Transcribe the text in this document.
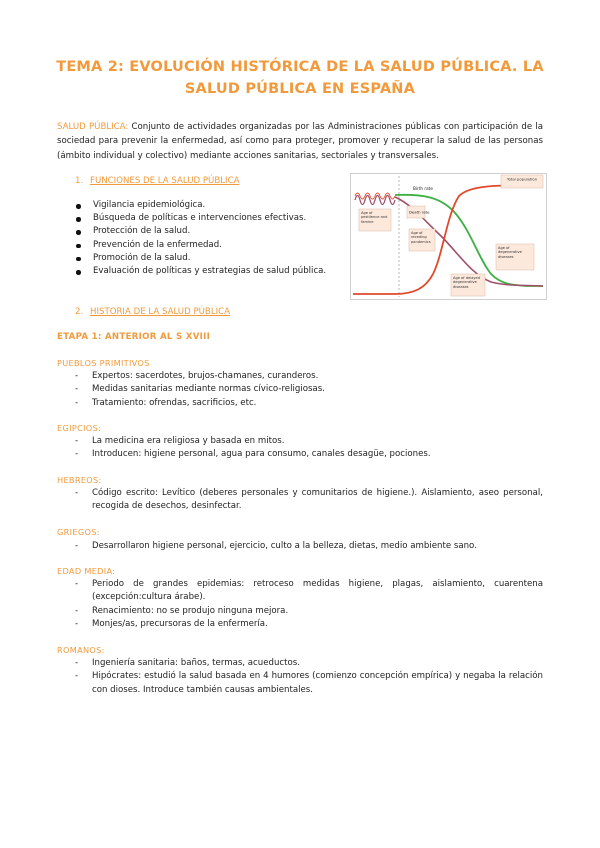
TEMA 2: EVOLUCIÓN HISTÓRICA DE LA SALUD PÚBLICA. LA SALUD PÚBLICA EN ESPAÑA
SALUD PÚBLICA: Conjunto de actividades organizadas por las Administraciones públicas con participación de la sociedad para prevenir la enfermedad, así como para proteger, promover y recuperar la salud de las personas (ámbito individual y colectivo) mediante acciones sanitarias, sectoriales y transversales.
1. FUNCIONES DE LA SALUD PÚBLICA
Vigilancia epidemiológica.
Búsqueda de políticas e intervenciones efectivas.
Protección de la salud.
Prevención de la enfermedad.
Promoción de la salud.
Evaluación de políticas y estrategias de salud pública.
Total population
Birth rate
Death rate
Age of pestilence and famine
Age of receding pandemics
Age of degenerative diseases
Age of delayed degenerative diseases
2. HISTORIA DE LA SALUD PÚBLICA
ETAPA 1: ANTERIOR AL S XVIII
PUEBLOS PRIMITIVOS
- Expertos: sacerdotes, brujos-chamanes, curanderos.
- Medidas sanitarias mediante normas cívico-religiosas.
- Tratamiento: ofrendas, sacrificios, etc.
EGIPCIOS:
- La medicina era religiosa y basada en mitos.
- Introducen: higiene personal, agua para consumo, canales desagüe, pociones.
HEBREOS:
- Código escrito: Levítico (deberes personales y comunitarios de higiene.). Aislamiento, aseo personal, recogida de desechos, desinfectar.
GRIEGOS:
- Desarrollaron higiene personal, ejercicio, culto a la belleza, dietas, medio ambiente sano.
EDAD MEDIA:
- Periodo de grandes epidemias: retroceso medidas higiene, plagas, aislamiento, cuarentena (excepción:cultura árabe).
- Renacimiento: no se produjo ninguna mejora.
- Monjes/as, precursoras de la enfermería.
ROMANOS:
- Ingeniería sanitaria: baños, termas, acueductos.
- Hipócrates: estudió la salud basada en 4 humores (comienzo concepción empírica) y negaba la relación con dioses. Introduce también causas ambientales.
